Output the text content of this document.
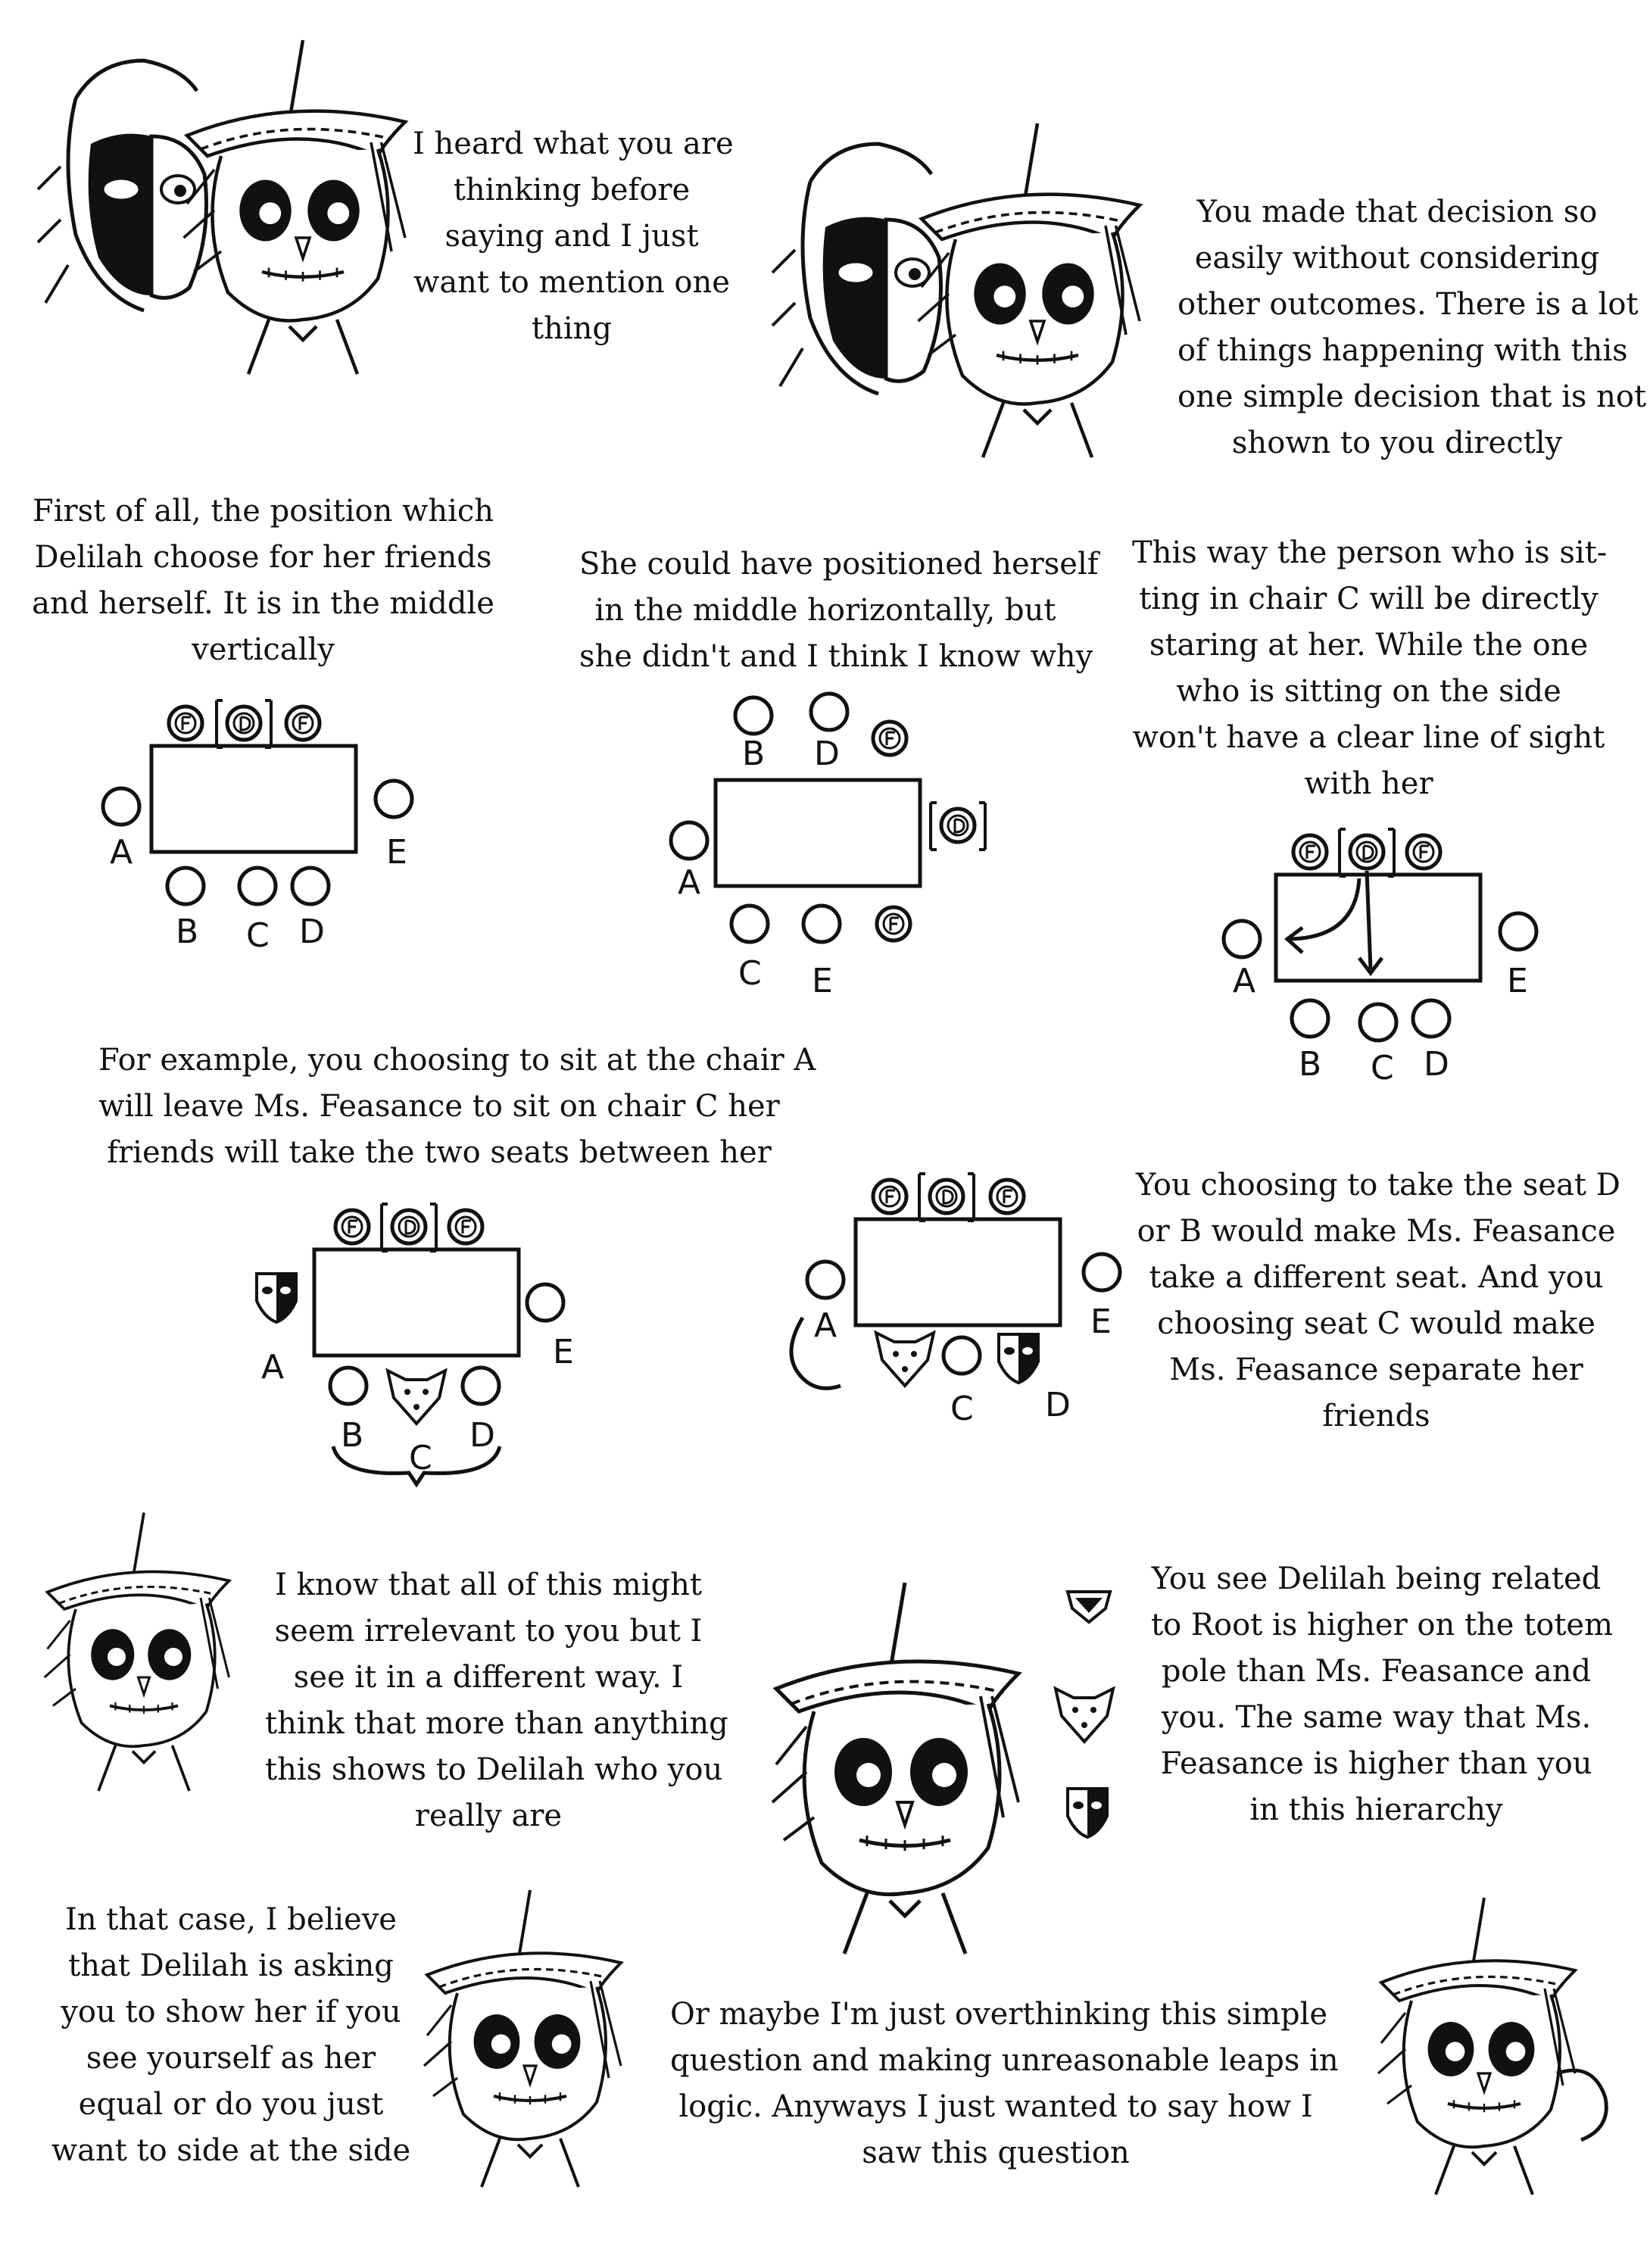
A	E
B C D
B D
A
C E	A	E
B C D
A	E
B
C
D
A	E
C D
I heard what you are
thinking before
saying and I just
want to mention one
thing
You made that decision so
easily without considering
other outcomes. There is a lot
of things happening with this
one simple decision that is not
shown to you directly
First of all, the position which
Delilah choose for her friends
and herself. It is in the middle
vertically
She could have positioned herself
in the middle horizontally, but
she didn't and I think I know why
This way the person who is sit-
ting in chair C will be directly
staring at her. While the one
who is sitting on the side
won't have a clear line of sight
with her
For example, you choosing to sit at the chair A
will leave Ms. Feasance to sit on chair C her
friends will take the two seats between her
You choosing to take the seat D
or B would make Ms. Feasance
take a different seat. And you
choosing seat C would make
Ms. Feasance separate her
friends
I know that all of this might
seem irrelevant to you but I
see it in a different way. I
think that more than anything
this shows to Delilah who you
really are
You see Delilah being related
to Root is higher on the totem
pole than Ms. Feasance and
you. The same way that Ms.
Feasance is higher than you
in this hierarchy
In that case, I believe
that Delilah is asking
you to show her if you
see yourself as her
equal or do you just
want to side at the side
Or maybe I'm just overthinking this simple
question and making unreasonable leaps in
logic. Anyways I just wanted to say how I
saw this question
